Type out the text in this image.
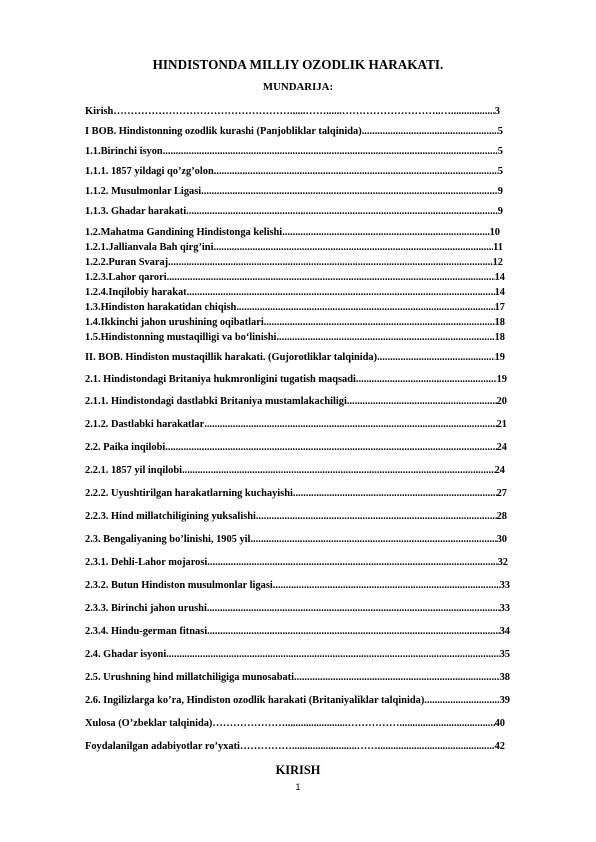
HINDISTONDA MILLIY OZODLIK HARAKATI.
MUNDARIJA:
Kirish……………………………………………......……......………………………..… .....	3
I BOB. Hindistonning ozodlik kurashi (Panjobliklar talqinida) .....	5
1.1. Birinchi isyon .....	5
1.1.1. 1857 yildagi qo’zg’olon .....	5
1.1.2. Musulmonlar Ligasi .....	9
1.1.3. Ghadar harakati .....	9
1.2. Mahatma Gandining Hindistonga kelishi .....	10
1.2.1. Jallianvala Bah qirg’ini .....	11
1.2.2. Puran Svaraj .....	12
1.2.3. Lahor qarori .....	14
1.2.4. Inqilobiy harakat .....	14
1.3. Hindiston harakatidan chiqish .....	17
1.4. Ikkinchi jahon urushining oqibatlari .....	18
1.5. Hindistonning mustaqilligi va bo‘linishi .....	18
II. BOB. Hindiston mustaqillik harakati. (Gujorotliklar talqinida) .....	19
2.1. Hindistondagi Britaniya hukmronligini tugatish maqsadi .....	19
2.1.1. Hindistondagi dastlabki Britaniya mustamlakachiligi .....	20
2.1.2. Dastlabki harakatlar .....	21
2.2. Paika inqilobi .....	24
2.2.1. 1857 yil inqilobi .....	24
2.2.2. Uyushtirilgan harakatlarning kuchayishi .....	27
2.2.3. Hind millatchiligining yuksalishi .....	28
2.3. Bengaliyaning bo’linishi, 1905 yil .....	30
2.3.1. Dehli-Lahor mojarosi .....	32
2.3.2. Butun Hindiston musulmonlar ligasi .....	33
2.3.3. Birinchi jahon urushi .....	33
2.3.4. Hindu-german fitnasi .....	34
2.4. Ghadar isyoni .....	35
2.5. Urushning hind millatchiligiga munosabati .....	38
2.6. Ingilizlarga ko’ra, Hindiston ozodlik harakati (Britaniyaliklar talqinida) .....	39
Xulosa (O’zbeklar talqinida)…………………........................…………… .....	40
Foydalanilgan adabiyotlar ro’yxati…………….........................…….. .....	42
KIRISH
1
